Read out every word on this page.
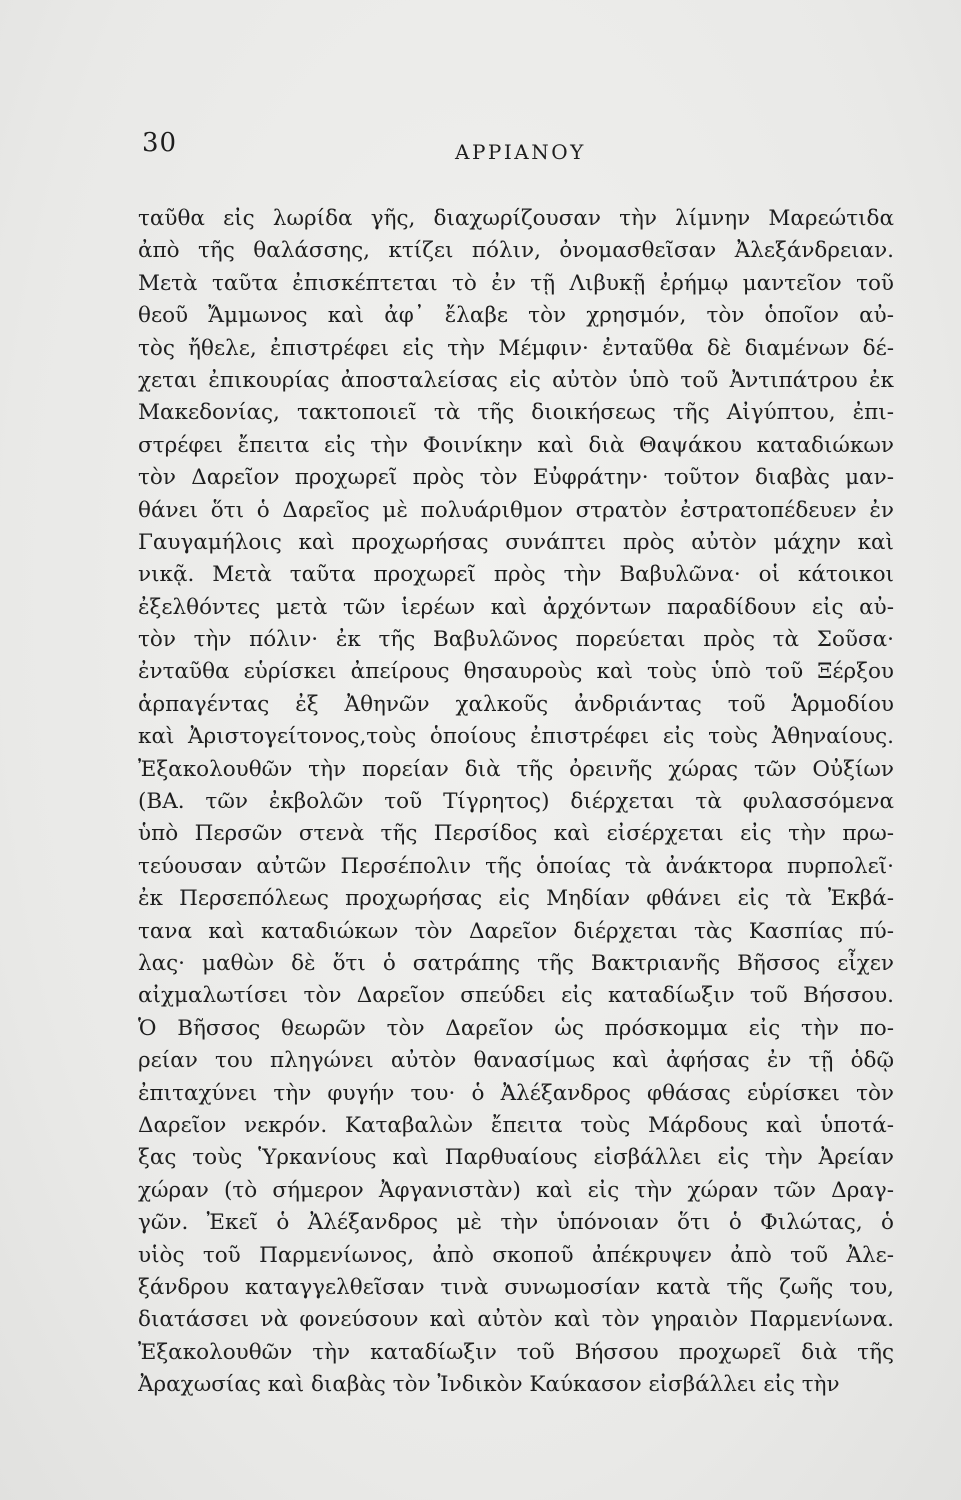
30	ΑΡΡΙΑΝΟΥ
ταῦθα εἰς λωρίδα γῆς, διαχωρίζουσαν τὴν λίμνην Μαρεώτιδα
ἀπὸ τῆς θαλάσσης, κτίζει πόλιν, ὀνομασθεῖσαν Ἀλεξάνδρειαν.
Μετὰ ταῦτα ἐπισκέπτεται τὸ ἐν τῇ Λιβυκῇ ἐρήμῳ μαντεῖον τοῦ
θεοῦ Ἄμμωνος καὶ ἀφ᾽ ἔλαβε τὸν χρησμόν, τὸν ὁποῖον αὐ-
τὸς ἤθελε, ἐπιστρέφει εἰς τὴν Μέμφιν· ἐνταῦθα δὲ διαμένων δέ-
χεται ἐπικουρίας ἀποσταλείσας εἰς αὐτὸν ὑπὸ τοῦ Ἀντιπάτρου ἐκ
Μακεδονίας, τακτοποιεῖ τὰ τῆς διοικήσεως τῆς Αἰγύπτου, ἐπι-
στρέφει ἔπειτα εἰς τὴν Φοινίκην καὶ διὰ Θαψάκου καταδιώκων
τὸν Δαρεῖον προχωρεῖ πρὸς τὸν Εὐφράτην· τοῦτον διαβὰς μαν-
θάνει ὅτι ὁ Δαρεῖος μὲ πολυάριθμον στρατὸν ἐστρατοπέδευεν ἐν
Γαυγαμήλοις καὶ προχωρήσας συνάπτει πρὸς αὐτὸν μάχην καὶ
νικᾷ. Μετὰ ταῦτα προχωρεῖ πρὸς τὴν Βαβυλῶνα· οἱ κάτοικοι
ἐξελθόντες μετὰ τῶν ἱερέων καὶ ἀρχόντων παραδίδουν εἰς αὐ-
τὸν τὴν πόλιν· ἐκ τῆς Βαβυλῶνος πορεύεται πρὸς τὰ Σοῦσα·
ἐνταῦθα εὑρίσκει ἀπείρους θησαυροὺς καὶ τοὺς ὑπὸ τοῦ Ξέρξου
ἁρπαγέντας ἐξ Ἀθηνῶν χαλκοῦς ἀνδριάντας τοῦ Ἁρμοδίου
καὶ Ἀριστογείτονος,τοὺς ὁποίους ἐπιστρέφει εἰς τοὺς Ἀθηναίους.
Ἐξακολουθῶν τὴν πορείαν διὰ τῆς ὀρεινῆς χώρας τῶν Οὐξίων
(ΒΑ. τῶν ἐκβολῶν τοῦ Τίγρητος) διέρχεται τὰ φυλασσόμενα
ὑπὸ Περσῶν στενὰ τῆς Περσίδος καὶ εἰσέρχεται εἰς τὴν πρω-
τεύουσαν αὐτῶν Περσέπολιν τῆς ὁποίας τὰ ἀνάκτορα πυρπολεῖ·
ἐκ Περσεπόλεως προχωρήσας εἰς Μηδίαν φθάνει εἰς τὰ Ἐκβά-
τανα καὶ καταδιώκων τὸν Δαρεῖον διέρχεται τὰς Κασπίας πύ-
λας· μαθὼν δὲ ὅτι ὁ σατράπης τῆς Βακτριανῆς Βῆσσος εἶχεν
αἰχμαλωτίσει τὸν Δαρεῖον σπεύδει εἰς καταδίωξιν τοῦ Βήσσου.
Ὁ Βῆσσος θεωρῶν τὸν Δαρεῖον ὡς πρόσκομμα εἰς τὴν πο-
ρείαν του πληγώνει αὐτὸν θανασίμως καὶ ἀφήσας ἐν τῇ ὁδῷ
ἐπιταχύνει τὴν φυγήν του· ὁ Ἀλέξανδρος φθάσας εὑρίσκει τὸν
Δαρεῖον νεκρόν. Καταβαλὼν ἔπειτα τοὺς Μάρδους καὶ ὑποτά-
ξας τοὺς Ὑρκανίους καὶ Παρθυαίους εἰσβάλλει εἰς τὴν Ἀρείαν
χώραν (τὸ σήμερον Ἀφγανιστὰν) καὶ εἰς τὴν χώραν τῶν Δραγ-
γῶν. Ἐκεῖ ὁ Ἀλέξανδρος μὲ τὴν ὑπόνοιαν ὅτι ὁ Φιλώτας, ὁ
υἱὸς τοῦ Παρμενίωνος, ἀπὸ σκοποῦ ἀπέκρυψεν ἀπὸ τοῦ Ἀλε-
ξάνδρου καταγγελθεῖσαν τινὰ συνωμοσίαν κατὰ τῆς ζωῆς του,
διατάσσει νὰ φονεύσουν καὶ αὐτὸν καὶ τὸν γηραιὸν Παρμενίωνα.
Ἐξακολουθῶν τὴν καταδίωξιν τοῦ Βήσσου προχωρεῖ διὰ τῆς
Ἀραχωσίας καὶ διαβὰς τὸν Ἰνδικὸν Καύκασον εἰσβάλλει εἰς τὴν
